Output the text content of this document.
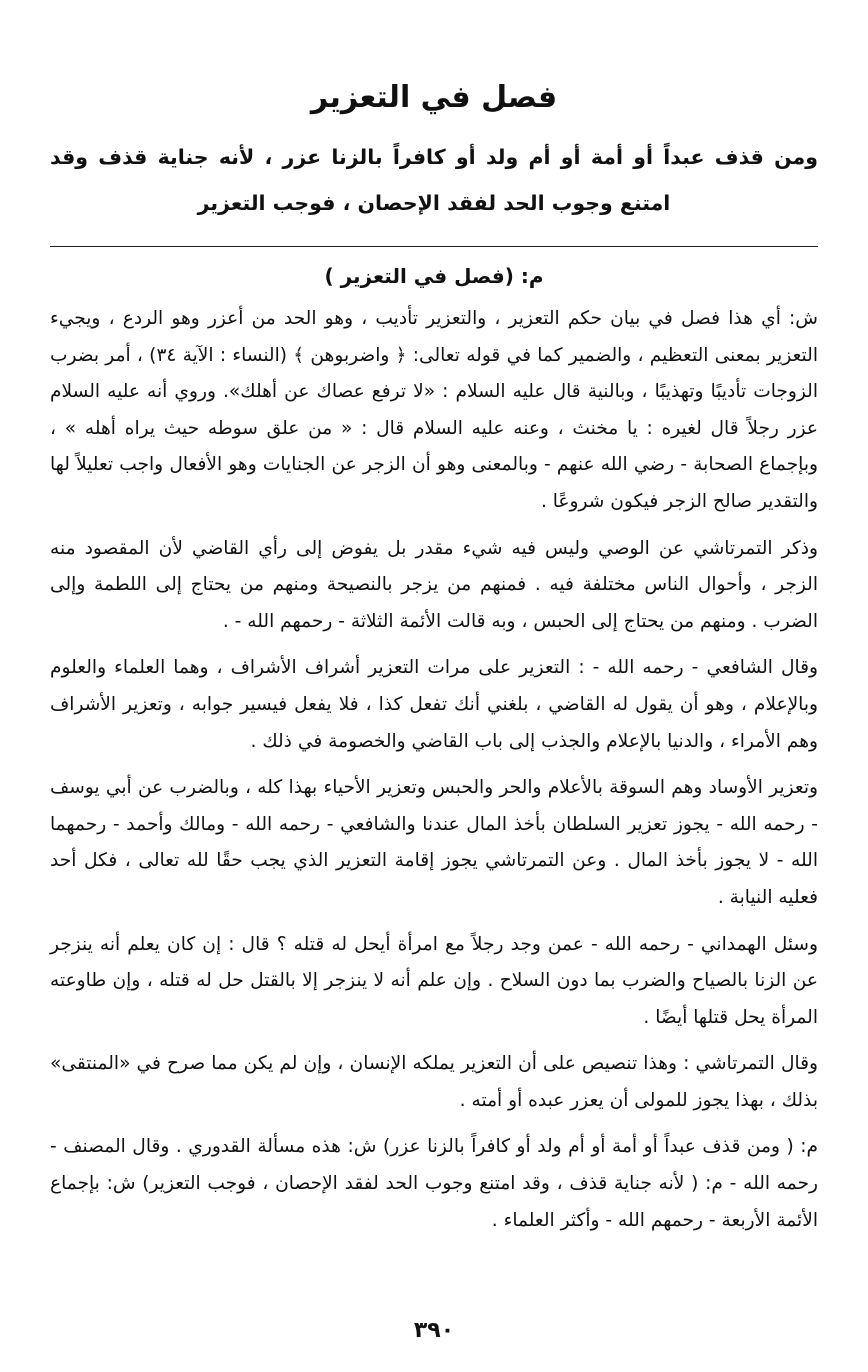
فصل في التعزير

ومن قذف عبداً أو أمة أو أم ولد أو كافراً بالزنا عزر ، لأنه جناية قذف وقد امتنع وجوب الحد لفقد الإحصان ، فوجب التعزير

م: (فصل في التعزير )

ش: أي هذا فصل في بيان حكم التعزير ، والتعزير تأديب ، وهو الحد من أعزر وهو الردع ، ويجيء التعزير بمعنى التعظيم ، والضمير كما في قوله تعالى: ﴿ واضربوهن ﴾ (النساء : الآية ٣٤) ، أمر بضرب الزوجات تأديبًا وتهذيبًا ، وبالنية قال عليه السلام : «لا ترفع عصاك عن أهلك». وروي أنه عليه السلام عزر رجلاً قال لغيره : يا مخنث ، وعنه عليه السلام قال : « من علق سوطه حيث يراه أهله » ، وبإجماع الصحابة - رضي الله عنهم - وبالمعنى وهو أن الزجر عن الجنايات وهو الأفعال واجب تعليلاً لها والتقدير صالح الزجر فيكون شروعًا .

وذكر التمرتاشي عن الوصي وليس فيه شيء مقدر بل يفوض إلى رأي القاضي لأن المقصود منه الزجر ، وأحوال الناس مختلفة فيه . فمنهم من يزجر بالنصيحة ومنهم من يحتاج إلى اللطمة وإلى الضرب . ومنهم من يحتاج إلى الحبس ، وبه قالت الأئمة الثلاثة - رحمهم الله - .

وقال الشافعي - رحمه الله - : التعزير على مرات التعزير أشراف الأشراف ، وهما العلماء والعلوم وبالإعلام ، وهو أن يقول له القاضي ، بلغني أنك تفعل كذا ، فلا يفعل فيسير جوابه ، وتعزير الأشراف وهم الأمراء ، والدنيا بالإعلام والجذب إلى باب القاضي والخصومة في ذلك .

وتعزير الأوساد وهم السوقة بالأعلام والحر والحبس وتعزير الأحياء بهذا كله ، وبالضرب عن أبي يوسف - رحمه الله - يجوز تعزير السلطان بأخذ المال عندنا والشافعي - رحمه الله - ومالك وأحمد - رحمهما الله - لا يجوز بأخذ المال . وعن التمرتاشي يجوز إقامة التعزير الذي يجب حقًا لله تعالى ، فكل أحد فعليه النيابة .

وسئل الهمداني - رحمه الله - عمن وجد رجلاً مع امرأة أيحل له قتله ؟ قال : إن كان يعلم أنه ينزجر عن الزنا بالصياح والضرب بما دون السلاح . وإن علم أنه لا ينزجر إلا بالقتل حل له قتله ، وإن طاوعته المرأة يحل قتلها أيضًا .

وقال التمرتاشي : وهذا تنصيص على أن التعزير يملكه الإنسان ، وإن لم يكن مما صرح في «المنتقى» بذلك ، بهذا يجوز للمولى أن يعزر عبده أو أمته .

م: ( ومن قذف عبداً أو أمة أو أم ولد أو كافراً بالزنا عزر) ش: هذه مسألة القدوري . وقال المصنف - رحمه الله - م: ( لأنه جناية قذف ، وقد امتنع وجوب الحد لفقد الإحصان ، فوجب التعزير) ش: بإجماع الأئمة الأربعة - رحمهم الله - وأكثر العلماء .

٣٩٠
